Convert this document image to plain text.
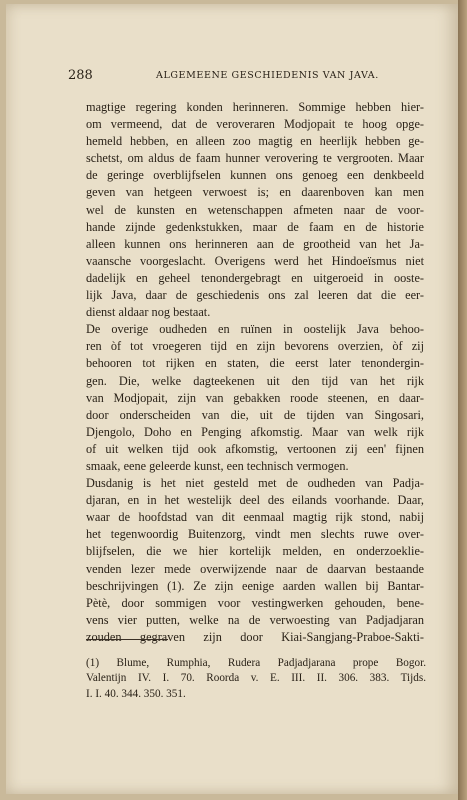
288	ALGEMEENE GESCHIEDENIS VAN JAVA.
magtige regering konden herinneren. Sommige hebben hier-
om vermeend, dat de veroveraren Modjopait te hoog opge-
hemeld hebben, en alleen zoo magtig en heerlijk hebben ge-
schetst, om aldus de faam hunner verovering te vergrooten. Maar
de geringe overblijfselen kunnen ons genoeg een denkbeeld
geven van hetgeen verwoest is; en daarenboven kan men
wel de kunsten en wetenschappen afmeten naar de voor-
hande zijnde gedenkstukken, maar de faam en de historie
alleen kunnen ons herinneren aan de grootheid van het Ja-
vaansche voorgeslacht. Overigens werd het Hindoeïsmus niet
dadelijk en geheel tenondergebragt en uitgeroeid in ooste-
lijk Java, daar de geschiedenis ons zal leeren dat die eer-
dienst aldaar nog bestaat.
De overige oudheden en ruïnen in oostelijk Java behoo-
ren òf tot vroegeren tijd en zijn bevorens overzien, òf zij
behooren tot rijken en staten, die eerst later tenondergin-
gen. Die, welke dagteekenen uit den tijd van het rijk
van Modjopait, zijn van gebakken roode steenen, en daar-
door onderscheiden van die, uit de tijden van Singosari,
Djengolo, Doho en Penging afkomstig. Maar van welk rijk
of uit welken tijd ook afkomstig, vertoonen zij een' fijnen
smaak, eene geleerde kunst, een technisch vermogen.
Dusdanig is het niet gesteld met de oudheden van Padja-
djaran, en in het westelijk deel des eilands voorhande. Daar,
waar de hoofdstad van dit eenmaal magtig rijk stond, nabij
het tegenwoordig Buitenzorg, vindt men slechts ruwe over-
blijfselen, die we hier kortelijk melden, en onderzoeklie-
venden lezer mede overwijzende naar de daarvan bestaande
beschrijvingen (1). Ze zijn eenige aarden wallen bij Bantar-
Pètè, door sommigen voor vestingwerken gehouden, bene-
vens vier putten, welke na de verwoesting van Padjadjaran
zouden gegraven zijn door Kiai-Sangjang-Praboe-Sakti-
(1) Blume, Rumphia, Rudera Padjadjarana prope Bogor.
Valentijn IV. I. 70. Roorda v. E. III. II. 306. 383. Tijds.
I. I. 40. 344. 350. 351.
